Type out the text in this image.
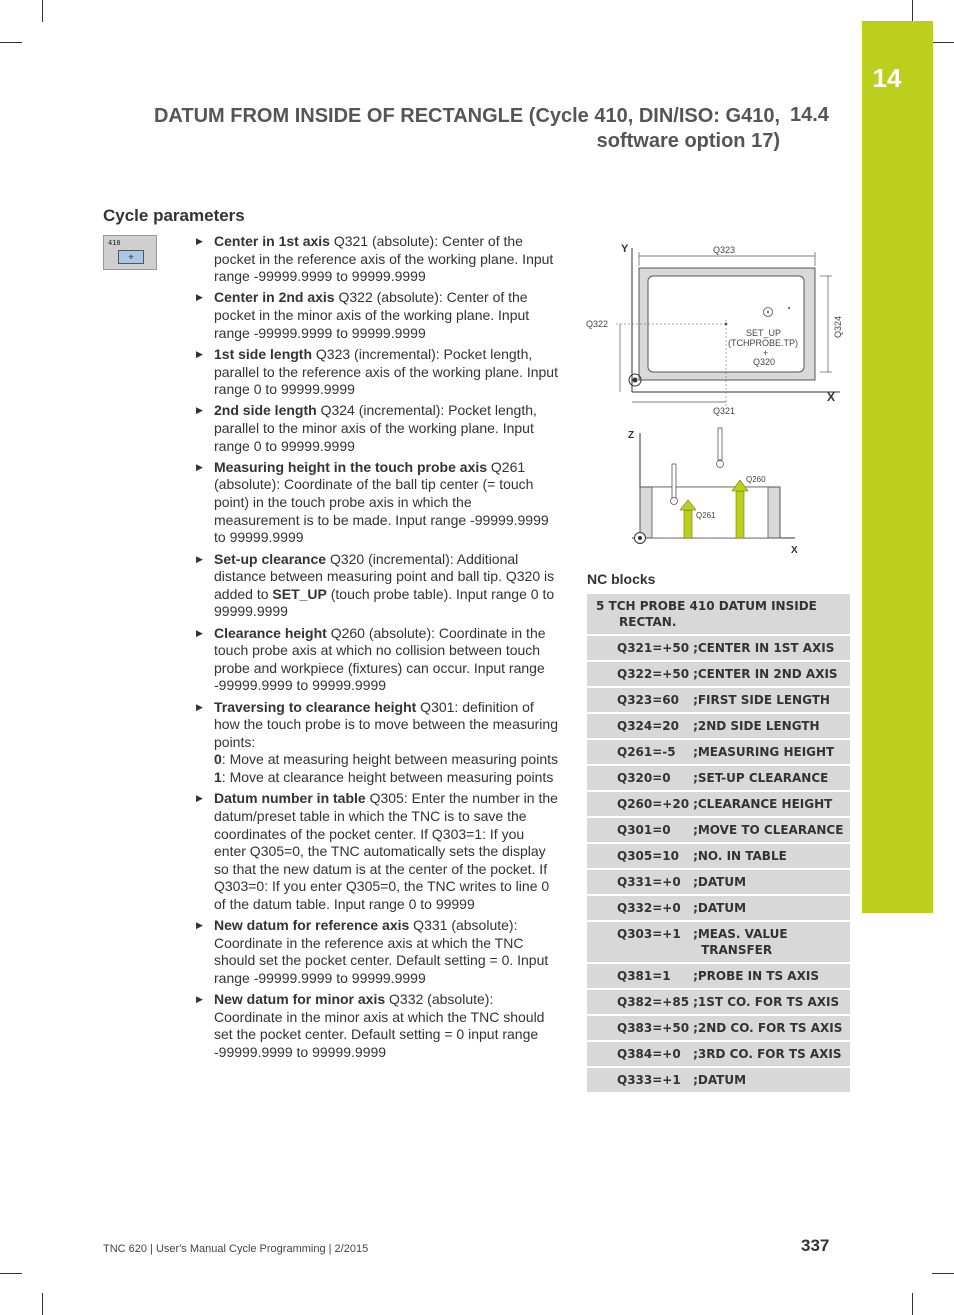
14
DATUM FROM INSIDE OF RECTANGLE (Cycle 410, DIN/ISO: G410,
software option 17)
14.4
Cycle parameters
410
⌖
▶ Center in 1st axis Q321 (absolute): Center of the pocket in the reference axis of the working plane. Input range -99999.9999 to 99999.9999
▶ Center in 2nd axis Q322 (absolute): Center of the pocket in the minor axis of the working plane. Input range -99999.9999 to 99999.9999
▶ 1st side length Q323 (incremental): Pocket length, parallel to the reference axis of the working plane. Input range 0 to 99999.9999
▶ 2nd side length Q324 (incremental): Pocket length, parallel to the minor axis of the working plane. Input range 0 to 99999.9999
▶ Measuring height in the touch probe axis Q261 (absolute): Coordinate of the ball tip center (= touch point) in the touch probe axis in which the measurement is to be made. Input range -99999.9999 to 99999.9999
▶ Set-up clearance Q320 (incremental): Additional distance between measuring point and ball tip. Q320 is added to SET_UP (touch probe table). Input range 0 to 99999.9999
▶ Clearance height Q260 (absolute): Coordinate in the touch probe axis at which no collision between touch probe and workpiece (fixtures) can occur. Input range -99999.9999 to 99999.9999
▶ Traversing to clearance height Q301: definition of how the touch probe is to move between the measuring points:
0: Move at measuring height between measuring points
1: Move at clearance height between measuring points
▶ Datum number in table Q305: Enter the number in the datum/preset table in which the TNC is to save the coordinates of the pocket center. If Q303=1: If you enter Q305=0, the TNC automatically sets the display so that the new datum is at the center of the pocket. If Q303=0: If you enter Q305=0, the TNC writes to line 0 of the datum table. Input range 0 to 99999
▶ New datum for reference axis Q331 (absolute): Coordinate in the reference axis at which the TNC should set the pocket center. Default setting = 0. Input range -99999.9999 to 99999.9999
▶ New datum for minor axis Q332 (absolute): Coordinate in the minor axis at which the TNC should set the pocket center. Default setting = 0 input range -99999.9999 to 99999.9999
Y
X
Q323
Q324
Q322
Q321
SET_UP
(TCHPROBE.TP)
+
Q320
Z
X
Q261
Q260
NC blocks
5 TCH PROBE 410 DATUM INSIDE
RECTAN.	

Q321=+50	;CENTER IN 1ST AXIS
Q322=+50	;CENTER IN 2ND AXIS
Q323=60	;FIRST SIDE LENGTH
Q324=20	;2ND SIDE LENGTH
Q261=-5	;MEASURING HEIGHT
Q320=0	;SET-UP CLEARANCE
Q260=+20	;CLEARANCE HEIGHT
Q301=0	;MOVE TO CLEARANCE
Q305=10	;NO. IN TABLE
Q331=+0	;DATUM
Q332=+0	;DATUM
Q303=+1	;MEAS. VALUE
TRANSFER
Q381=1	;PROBE IN TS AXIS
Q382=+85	;1ST CO. FOR TS AXIS
Q383=+50	;2ND CO. FOR TS AXIS
Q384=+0	;3RD CO. FOR TS AXIS
Q333=+1	;DATUM
TNC 620 | User's Manual Cycle Programming | 2/2015	337
